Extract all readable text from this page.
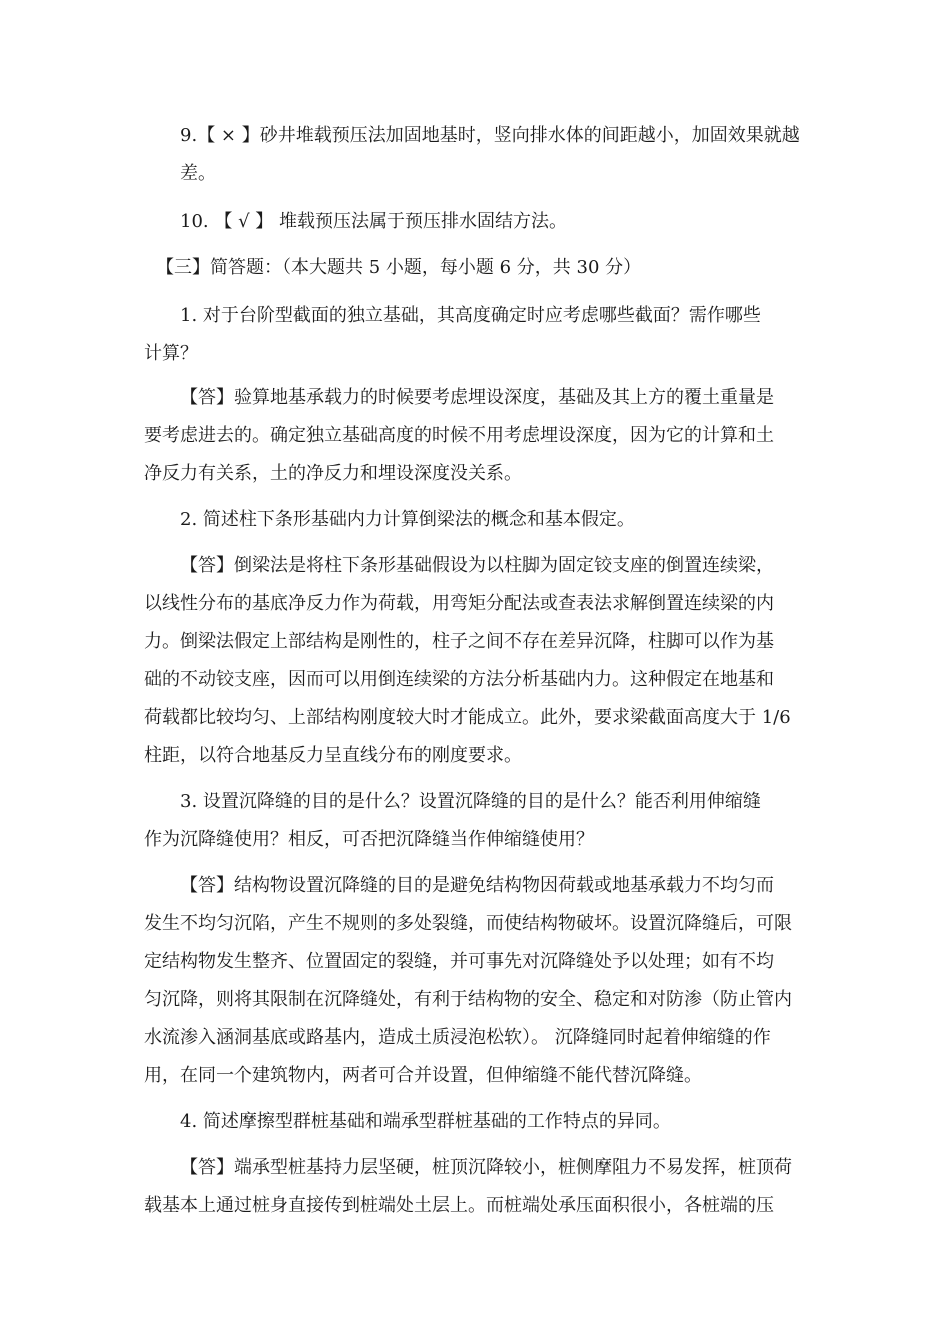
9.【 × 】砂井堆载预压法加固地基时，竖向排水体的间距越小，加固效果就越
差。
10. 【 √ 】 堆载预压法属于预压排水固结方法。
【三】简答题：（本大题共 5 小题，每小题 6 分，共 30 分）
1. 对于台阶型截面的独立基础，其高度确定时应考虑哪些截面？需作哪些
计算？
【答】验算地基承载力的时候要考虑埋设深度，基础及其上方的覆土重量是
要考虑进去的。确定独立基础高度的时候不用考虑埋设深度，因为它的计算和土
净反力有关系，土的净反力和埋设深度没关系。
2. 简述柱下条形基础内力计算倒梁法的概念和基本假定。
【答】倒梁法是将柱下条形基础假设为以柱脚为固定铰支座的倒置连续梁，
以线性分布的基底净反力作为荷载，用弯矩分配法或查表法求解倒置连续梁的内
力。倒梁法假定上部结构是刚性的，柱子之间不存在差异沉降，柱脚可以作为基
础的不动铰支座，因而可以用倒连续梁的方法分析基础内力。这种假定在地基和
荷载都比较均匀、上部结构刚度较大时才能成立。此外，要求梁截面高度大于 1/6
柱距，以符合地基反力呈直线分布的刚度要求。
3. 设置沉降缝的目的是什么？设置沉降缝的目的是什么？能否利用伸缩缝
作为沉降缝使用？相反，可否把沉降缝当作伸缩缝使用？
【答】结构物设置沉降缝的目的是避免结构物因荷载或地基承载力不均匀而
发生不均匀沉陷，产生不规则的多处裂缝，而使结构物破坏。设置沉降缝后，可限
定结构物发生整齐、位置固定的裂缝，并可事先对沉降缝处予以处理；如有不均
匀沉降，则将其限制在沉降缝处，有利于结构物的安全、稳定和对防渗（防止管内
水流渗入涵洞基底或路基内，造成土质浸泡松软）。 沉降缝同时起着伸缩缝的作
用，在同一个建筑物内，两者可合并设置，但伸缩缝不能代替沉降缝。
4. 简述摩擦型群桩基础和端承型群桩基础的工作特点的异同。
【答】端承型桩基持力层坚硬，桩顶沉降较小，桩侧摩阻力不易发挥，桩顶荷
载基本上通过桩身直接传到桩端处土层上。而桩端处承压面积很小，各桩端的压
